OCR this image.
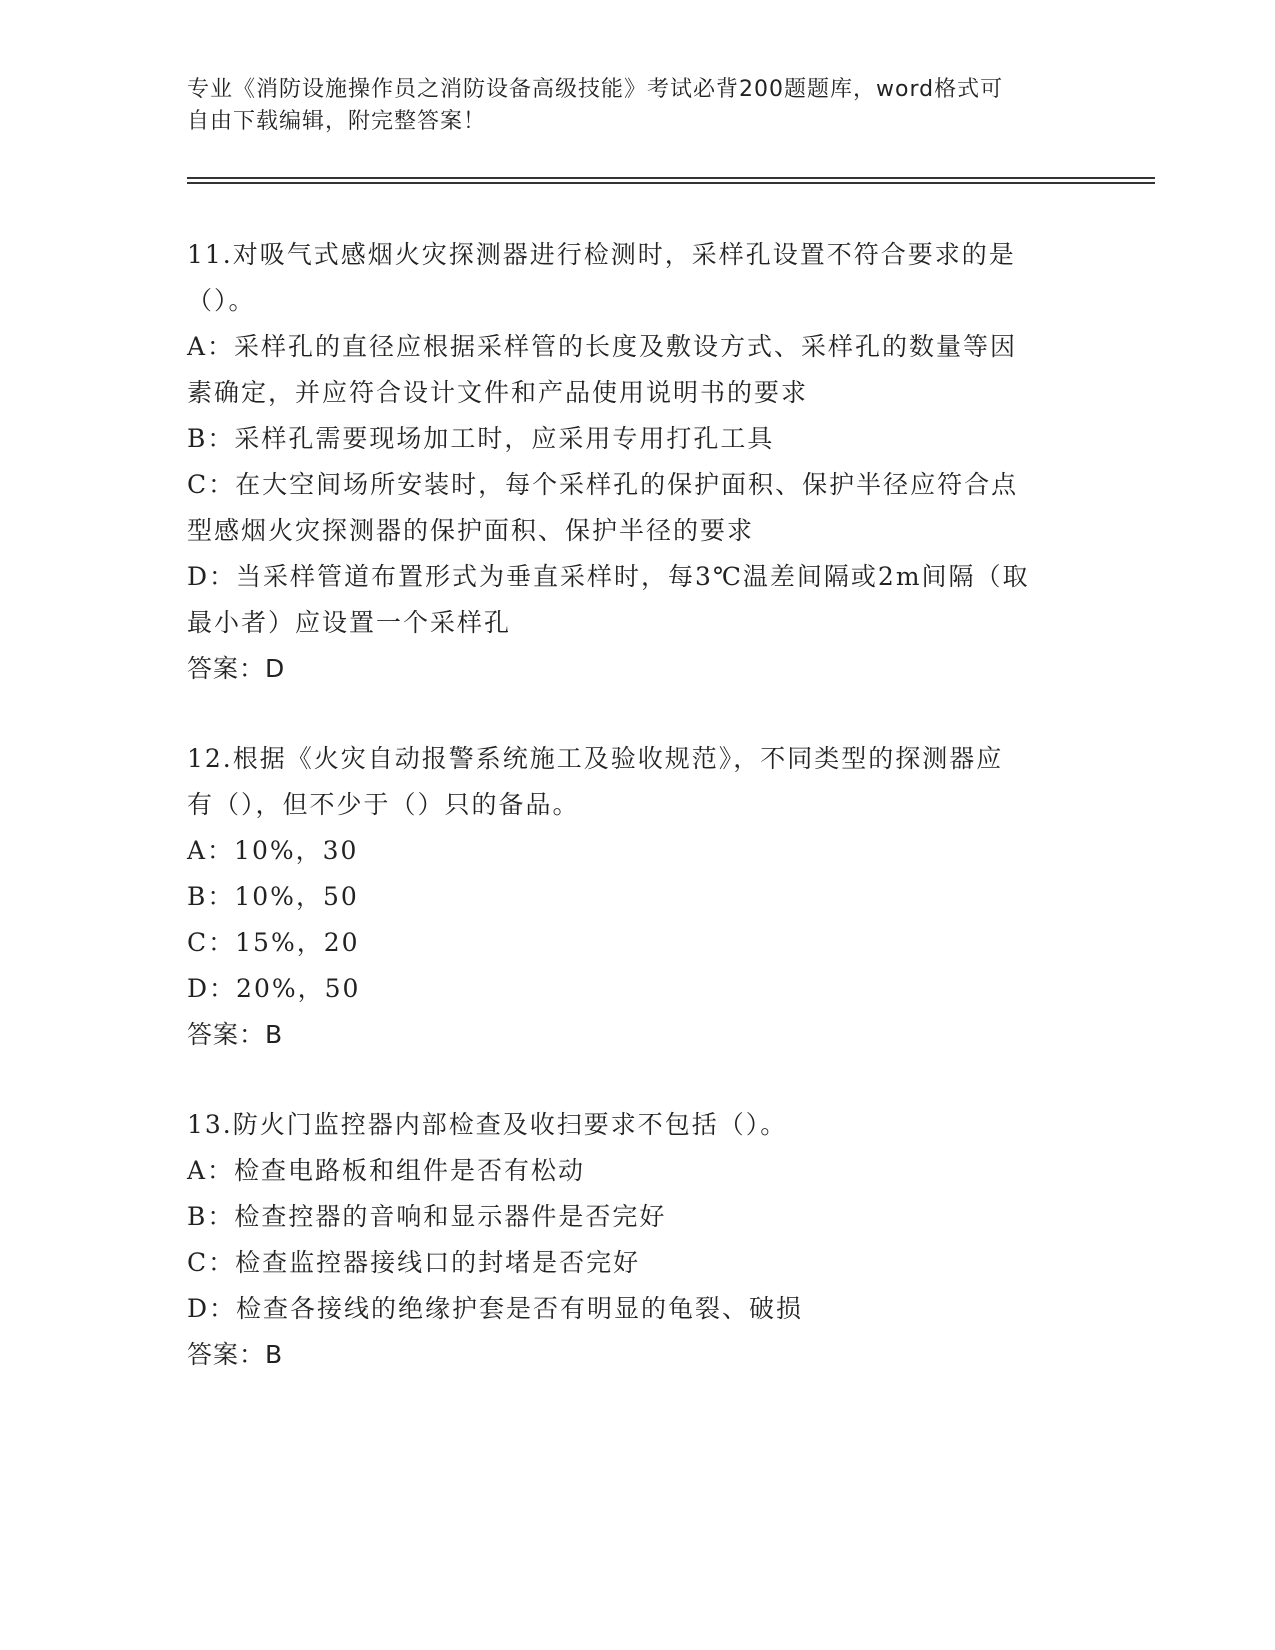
专业《消防设施操作员之消防设备高级技能》考试必背200题题库，word格式可
自由下载编辑，附完整答案！

11.对吸气式感烟火灾探测器进行检测时，采样孔设置不符合要求的是

（）。

A：采样孔的直径应根据采样管的长度及敷设方式、采样孔的数量等因

素确定，并应符合设计文件和产品使用说明书的要求

B：采样孔需要现场加工时，应采用专用打孔工具

C：在大空间场所安装时，每个采样孔的保护面积、保护半径应符合点

型感烟火灾探测器的保护面积、保护半径的要求

D：当采样管道布置形式为垂直采样时，每3℃温差间隔或2m间隔（取

最小者）应设置一个采样孔

答案：D

12.根据《火灾自动报警系统施工及验收规范》，不同类型的探测器应

有（），但不少于（）只的备品。

A：10%，30

B：10%，50

C：15%，20

D：20%，50

答案：B

13.防火门监控器内部检查及收扫要求不包括（）。

A：检查电路板和组件是否有松动

B：检查控器的音响和显示器件是否完好

C：检查监控器接线口的封堵是否完好

D：检查各接线的绝缘护套是否有明显的龟裂、破损

答案：B
